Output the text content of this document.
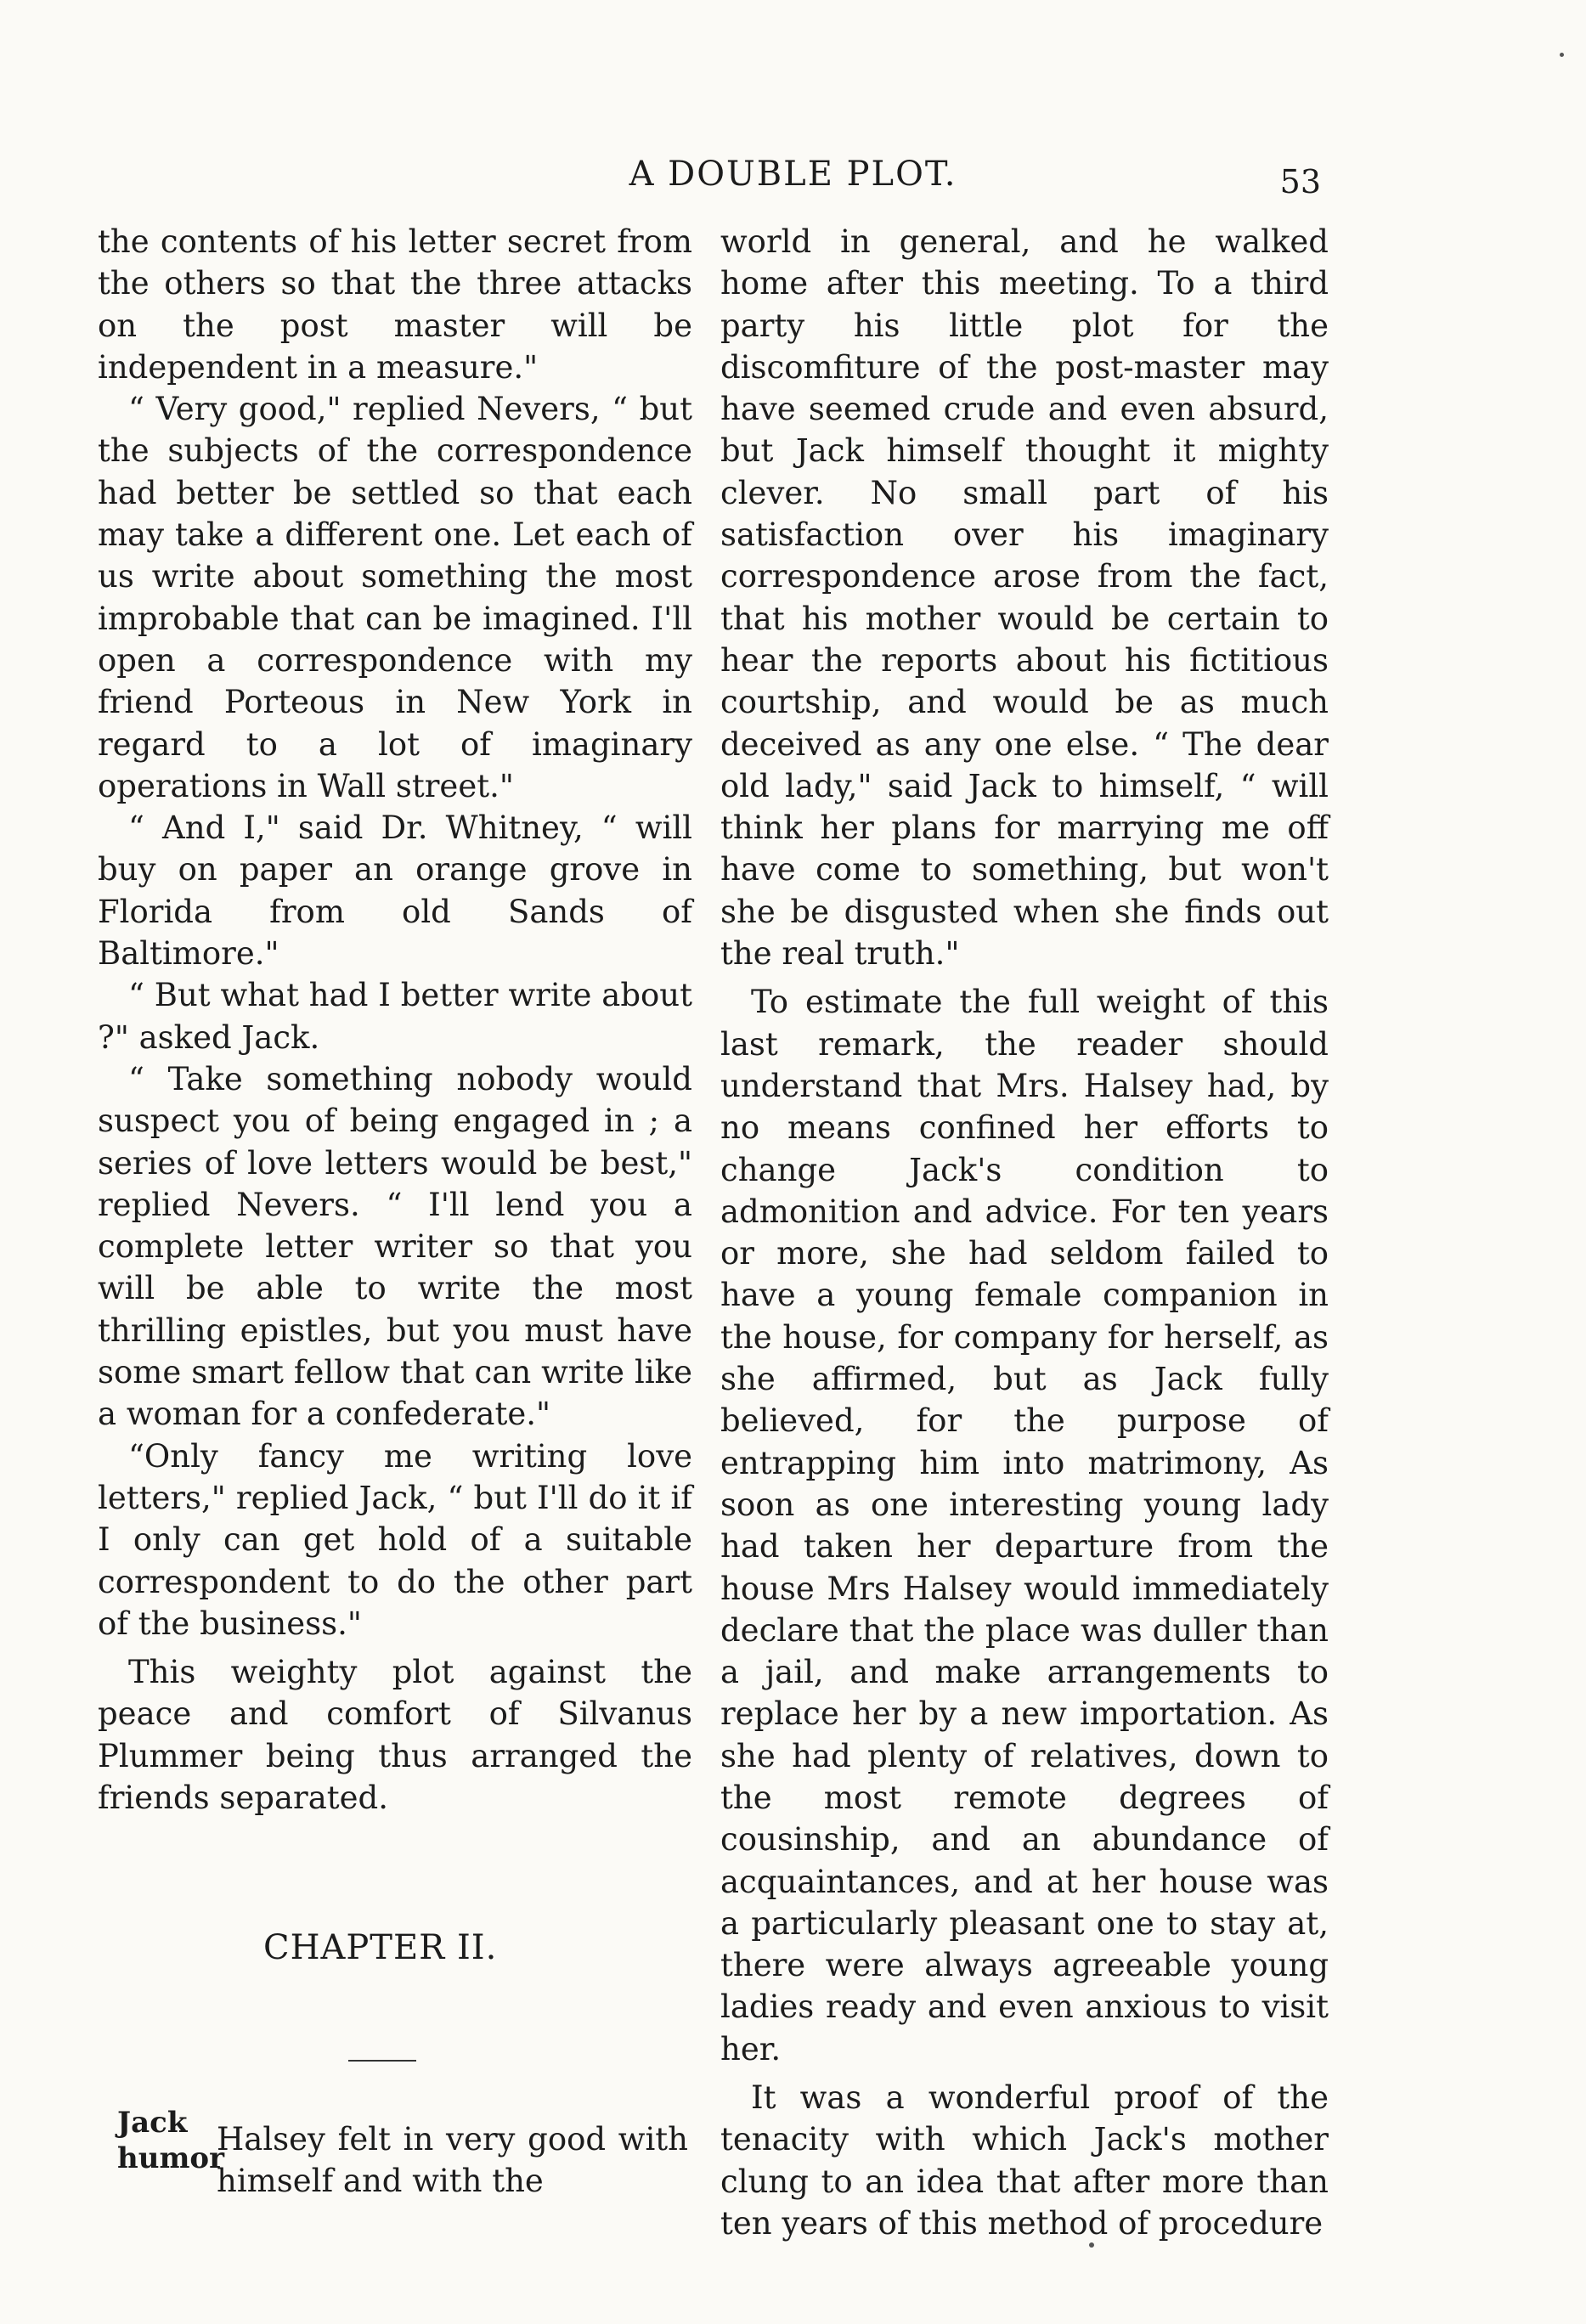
A DOUBLE PLOT.	53

the contents of his letter secret from the others so that the three attacks on the post master will be independent in a measure."

“ Very good," replied Nevers, “ but the subjects of the correspondence had better be settled so that each may take a different one. Let each of us write about something the most improbable that can be imagined. I'll open a correspondence with my friend Porteous in New York in regard to a lot of imaginary operations in Wall street."

“ And I," said Dr. Whitney, “ will buy on paper an orange grove in Florida from old Sands of Baltimore."

“ But what had I better write about ?" asked Jack.

“ Take something nobody would suspect you of being engaged in ; a series of love letters would be best," replied Nevers. “ I'll lend you a complete letter writer so that you will be able to write the most thrilling epistles, but you must have some smart fellow that can write like a woman for a confederate."

“Only fancy me writing love letters," replied Jack, “ but I'll do it if I only can get hold of a suitable correspondent to do the other part of the business."

This weighty plot against the peace and comfort of Silvanus Plummer being thus arranged the friends separated.

CHAPTER II.
Jack
humor
Halsey felt in very good with himself and with the

world in general, and he walked home after this meeting. To a third party his little plot for the discomfiture of the post-master may have seemed crude and even absurd, but Jack himself thought it mighty clever. No small part of his satisfaction over his imaginary correspondence arose from the fact, that his mother would be certain to hear the reports about his fictitious courtship, and would be as much deceived as any one else. “ The dear old lady," said Jack to himself, “ will think her plans for marrying me off have come to something, but won't she be disgusted when she finds out the real truth."

To estimate the full weight of this last remark, the reader should understand that Mrs. Halsey had, by no means confined her efforts to change Jack's condition to admonition and advice. For ten years or more, she had seldom failed to have a young female companion in the house, for company for herself, as she affirmed, but as Jack fully believed, for the purpose of entrapping him into matrimony, As soon as one interesting young lady had taken her departure from the house Mrs Halsey would immediately declare that the place was duller than a jail, and make arrangements to replace her by a new importation. As she had plenty of relatives, down to the most remote degrees of cousinship, and an abundance of acquaintances, and at her house was a particularly pleasant one to stay at, there were always agreeable young ladies ready and even anxious to visit her.

It was a wonderful proof of the tenacity with which Jack's mother clung to an idea that after more than ten years of this method of procedure
